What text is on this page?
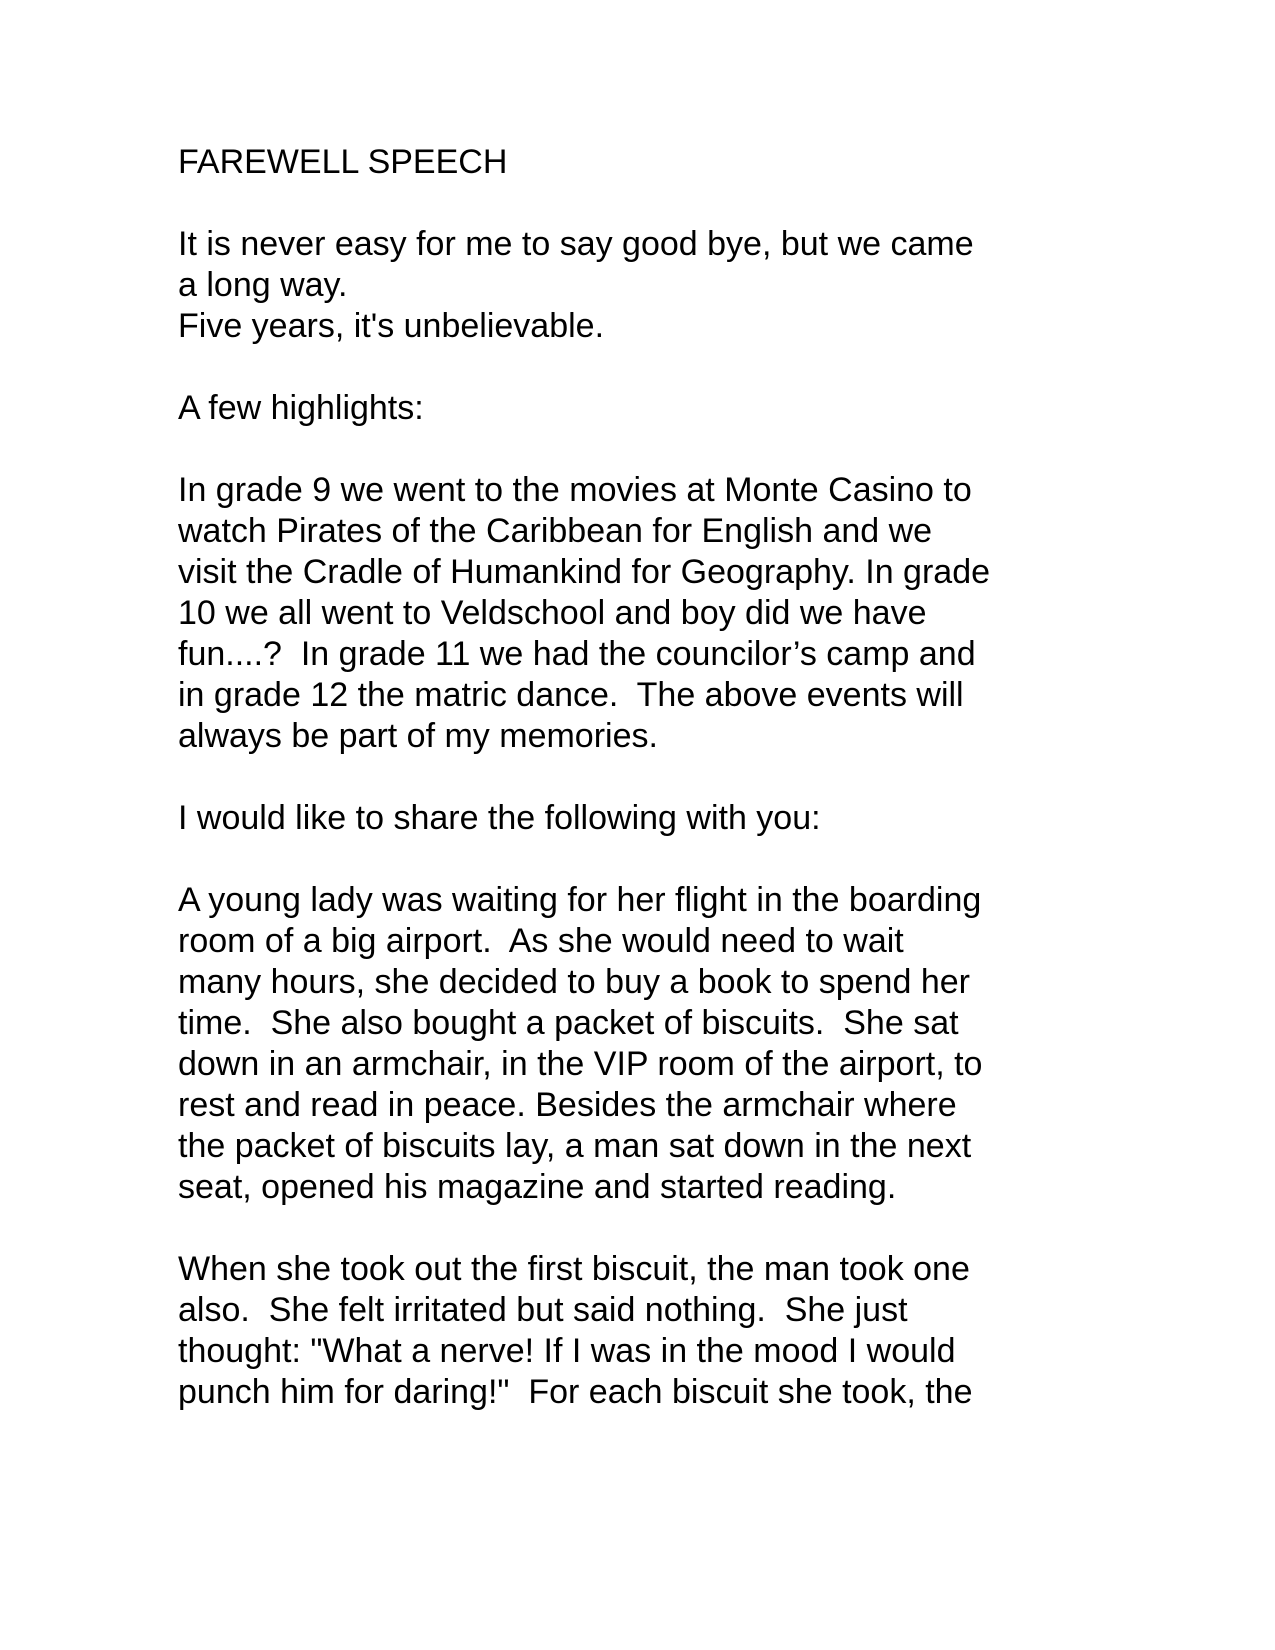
FAREWELL SPEECH
It is never easy for me to say good bye, but we came
a long way.
Five years, it's unbelievable.
A few highlights:
In grade 9 we went to the movies at Monte Casino to
watch Pirates of the Caribbean for English and we
visit the Cradle of Humankind for Geography. In grade
10 we all went to Veldschool and boy did we have
fun....?  In grade 11 we had the councilor’s camp and
in grade 12 the matric dance.  The above events will
always be part of my memories.
I would like to share the following with you:
A young lady was waiting for her flight in the boarding
room of a big airport.  As she would need to wait
many hours, she decided to buy a book to spend her
time.  She also bought a packet of biscuits.  She sat
down in an armchair, in the VIP room of the airport, to
rest and read in peace. Besides the armchair where
the packet of biscuits lay, a man sat down in the next
seat, opened his magazine and started reading.
When she took out the first biscuit, the man took one
also.  She felt irritated but said nothing.  She just
thought: "What a nerve! If I was in the mood I would
punch him for daring!"  For each biscuit she took, the
